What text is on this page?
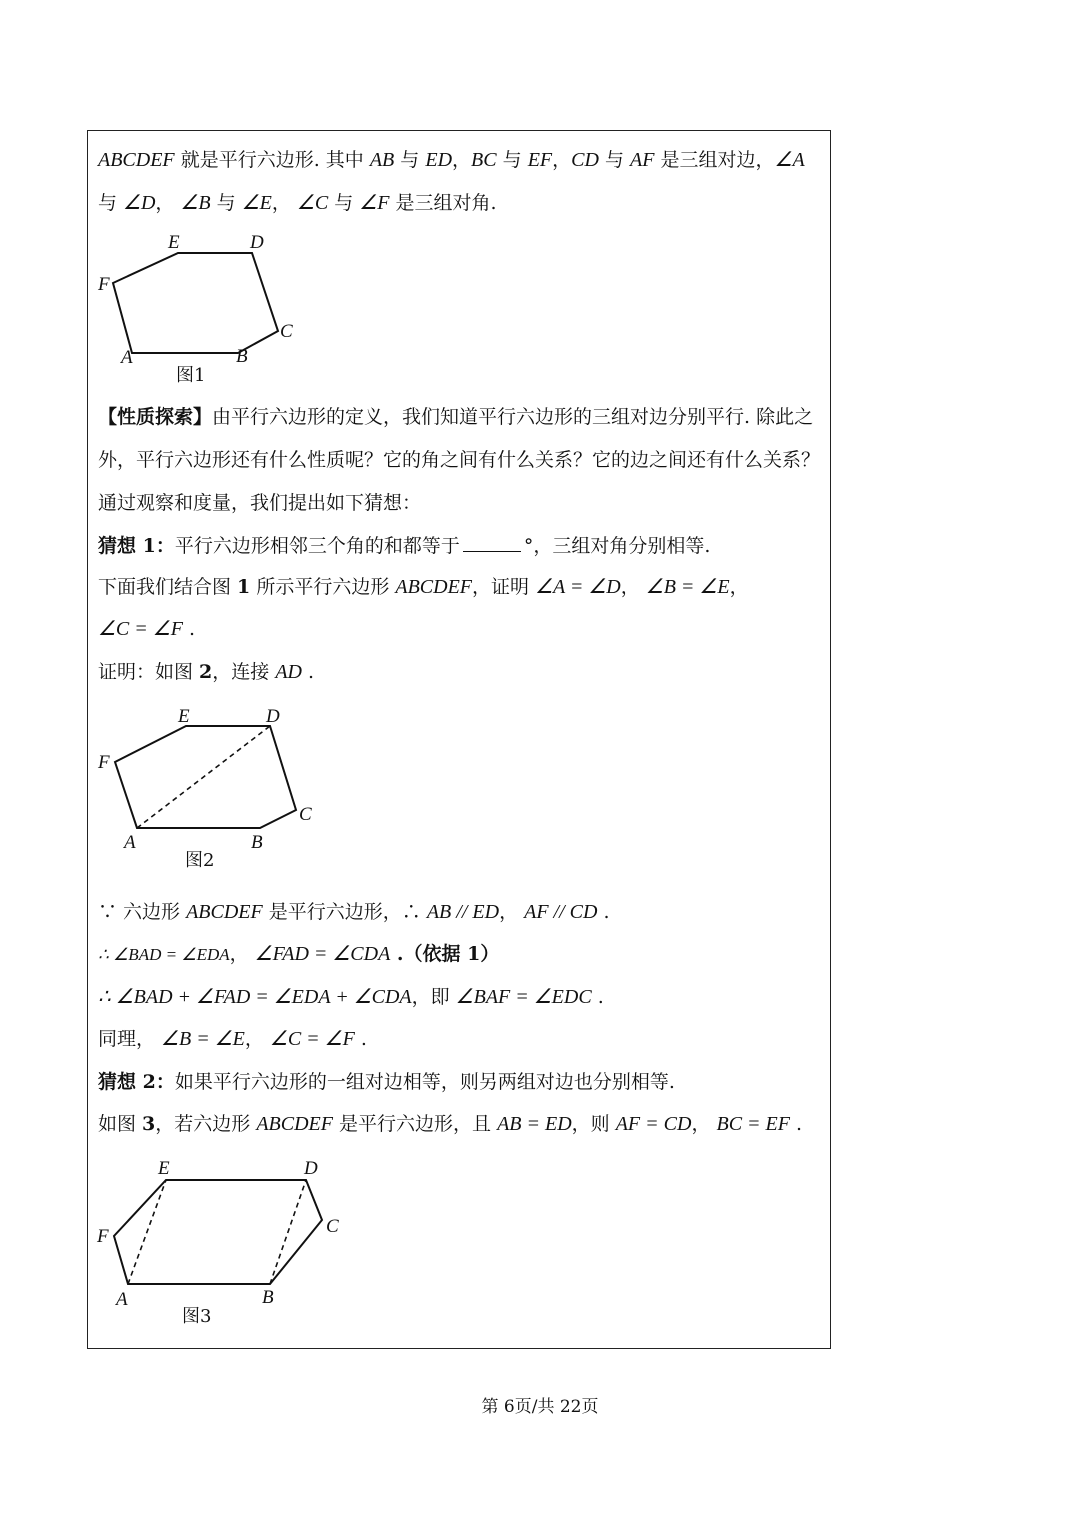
ABCDEF 就是平行六边形. 其中 AB 与 ED，BC 与 EF，CD 与 AF 是三组对边，∠A
与 ∠D， ∠B 与 ∠E， ∠C 与 ∠F 是三组对角.
E	D
F
C
A	B
图1
【性质探索】由平行六边形的定义，我们知道平行六边形的三组对边分别平行. 除此之
外，平行六边形还有什么性质呢？它的角之间有什么关系？它的边之间还有什么关系？
通过观察和度量，我们提出如下猜想：
猜想 1：平行六边形相邻三个角的和都等于	°，三组对角分别相等.
下面我们结合图 1 所示平行六边形 ABCDEF，证明 ∠A = ∠D， ∠B = ∠E，
∠C = ∠F .
证明：如图 2，连接 AD .
E	D
F
C
A	B
图2
∵ 六边形 ABCDEF 是平行六边形，∴ AB // ED， AF // CD .
∴ ∠BAD = ∠EDA， ∠FAD = ∠CDA .（依据 1）
∴ ∠BAD + ∠FAD = ∠EDA + ∠CDA，即 ∠BAF = ∠EDC .
同理， ∠B = ∠E， ∠C = ∠F .
猜想 2：如果平行六边形的一组对边相等，则另两组对边也分别相等.
如图 3，若六边形 ABCDEF 是平行六边形，且 AB = ED，则 AF = CD， BC = EF .
E	D
F	C
A	B
图3
第 6页/共 22页
